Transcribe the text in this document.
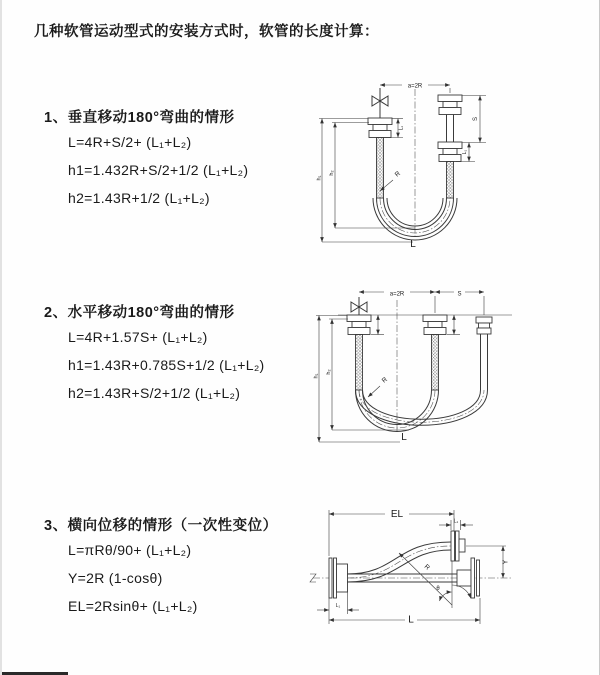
几种软管运动型式的安装方式时，软管的长度计算：
1、垂直移动180°弯曲的情形
L=4R+S/2+ (L₁+L₂)
h1=1.432R+S/2+1/2 (L₁+L₂)
h2=1.43R+1/2 (L₁+L₂)
2、水平移动180°弯曲的情形
L=4R+1.57S+ (L₁+L₂)
h1=1.43R+0.785S+1/2 (L₁+L₂)
h2=1.43R+S/2+1/2 (L₁+L₂)
3、横向位移的情形（一次性变位）
L=πRθ/90+ (L₁+L₂)
Y=2R (1-cosθ)
EL=2Rsinθ+ (L₁+L₂)
a=2R
h₁
h₂
L₁
S
L₁
R
L
a=2R	S
h₁
h₂
R
L
R
θ
EL
L₁
Y
L
L₁
